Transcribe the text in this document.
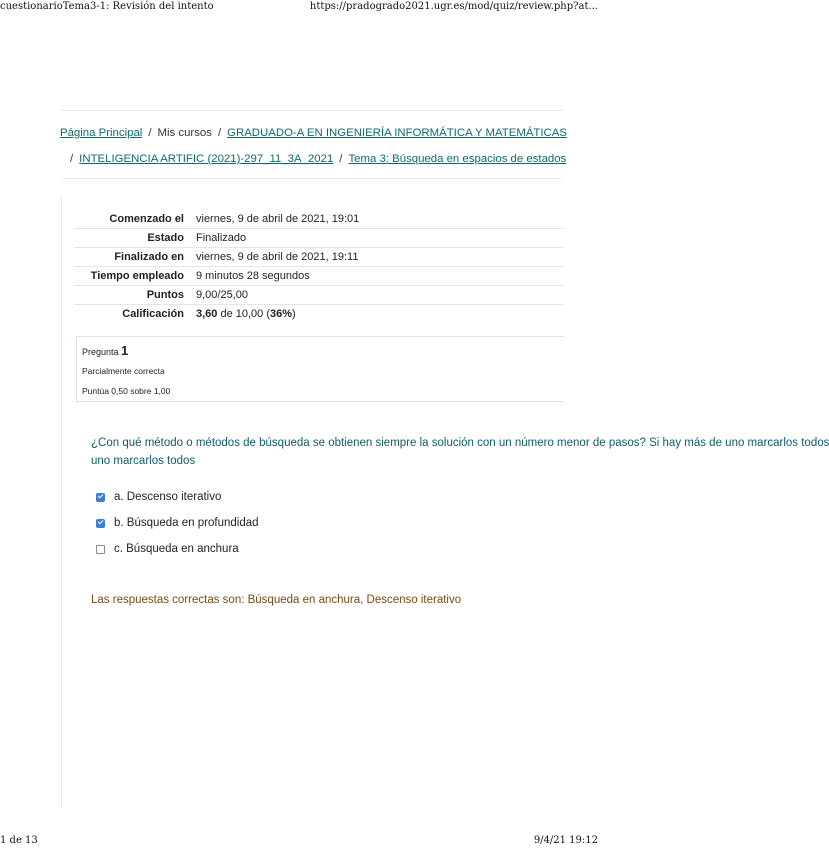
cuestionarioTema3-1: Revisión del intento	https://pradogrado2021.ugr.es/mod/quiz/review.php?at...
Página Principal / Mis cursos / GRADUADO-A EN INGENIERÍA INFORMÁTICA Y MATEMÁTICAS
/ INTELIGENCIA ARTIFIC (2021)-297_11_3A_2021 / Tema 3: Búsqueda en espacios de estados
Comenzado el	viernes, 9 de abril de 2021, 19:01
Estado	Finalizado
Finalizado en	viernes, 9 de abril de 2021, 19:11
Tiempo empleado	9 minutos 28 segundos
Puntos	9,00/25,00
Calificación	3,60 de 10,00 (36%)
Pregunta 1
Parcialmente correcta
Puntúa 0,50 sobre 1,00
¿Con qué método o métodos de búsqueda se obtienen siempre la solución con un número menor de pasos? Si hay más de uno marcarlos todos
uno marcarlos todos
a. Descenso iterativo
b. Búsqueda en profundidad
c. Búsqueda en anchura
Las respuestas correctas son: Búsqueda en anchura, Descenso iterativo
1 de 13	9/4/21 19:12
